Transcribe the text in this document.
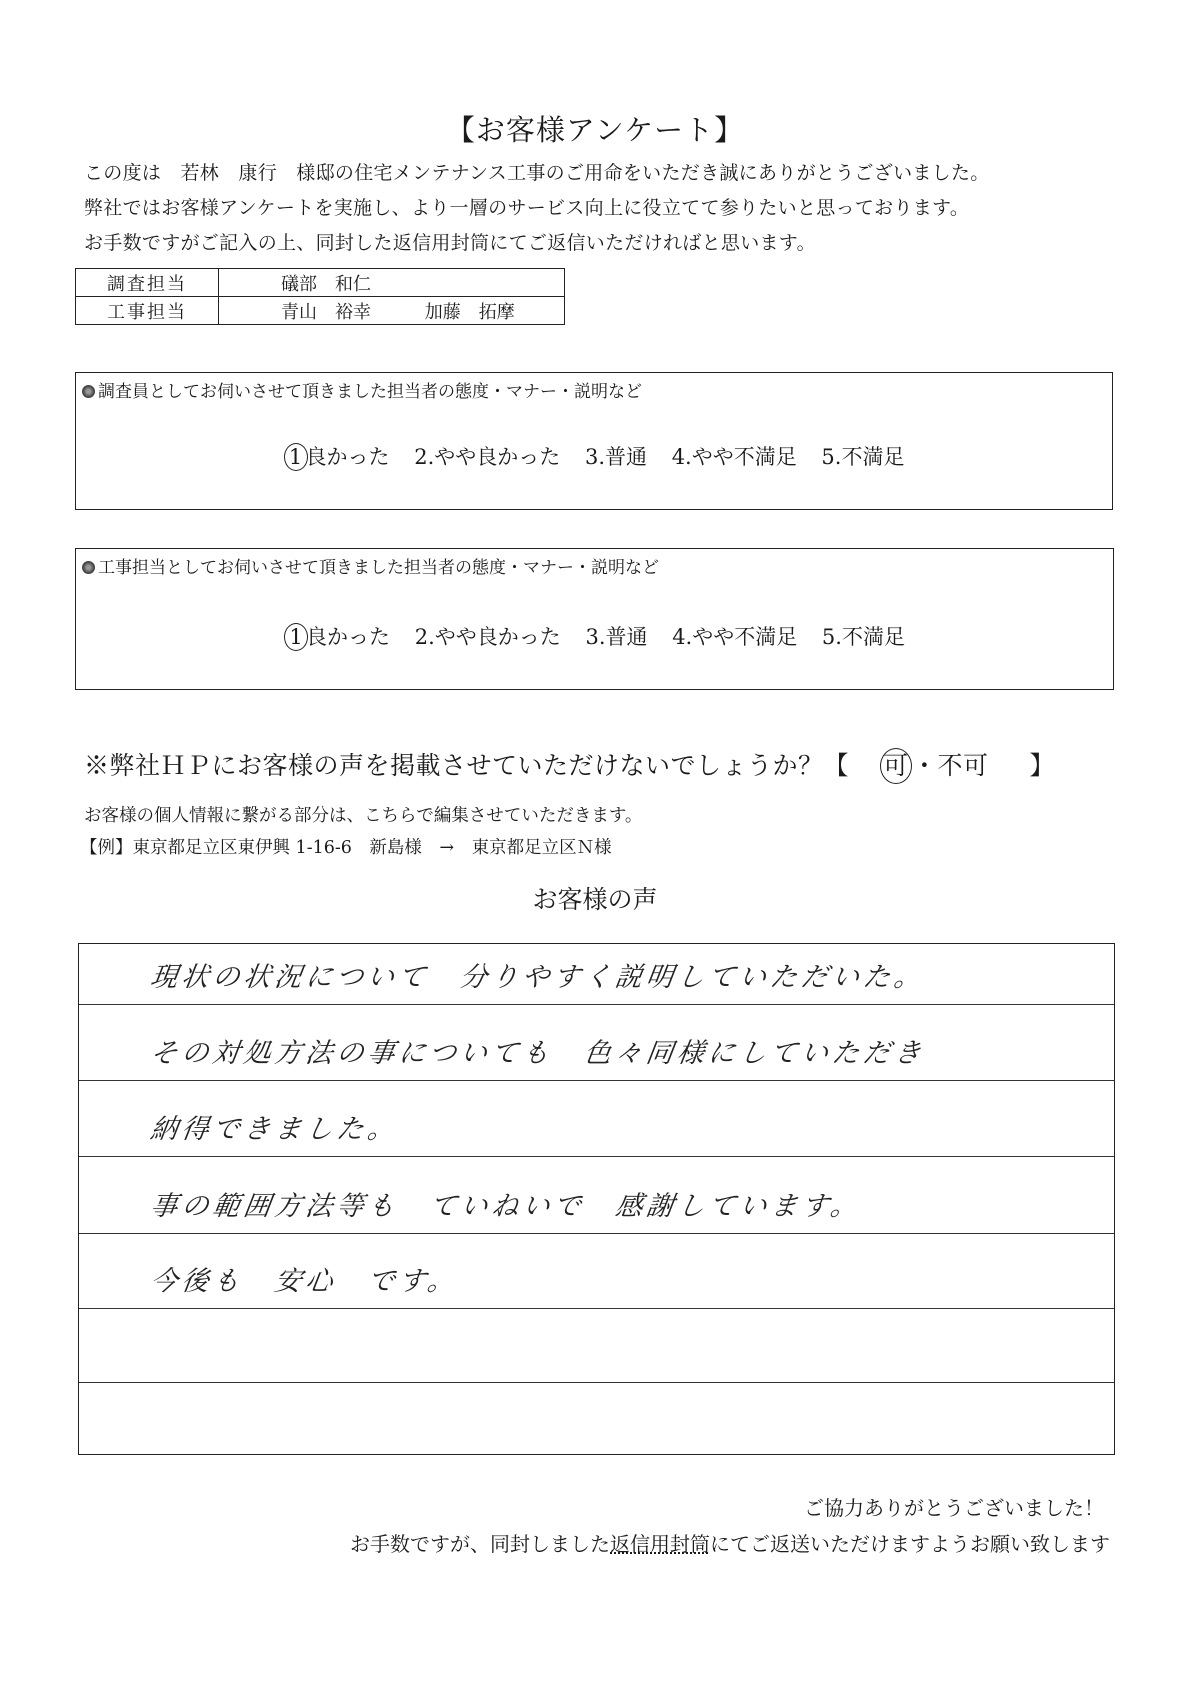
【お客様アンケート】
この度は　若林　康行　様邸の住宅メンテナンス工事のご用命をいただき誠にありがとうございました。
弊社ではお客様アンケートを実施し、より一層のサービス向上に役立てて参りたいと思っております。
お手数ですがご記入の上、同封した返信用封筒にてご返信いただければと思います。
調査担当	礒部　和仁
工事担当	青山　裕幸 加藤　拓摩
調査員としてお伺いさせて頂きました担当者の態度・マナー・説明など
1 良かった 2.やや良かった 3.普通 4.やや不満足 5.不満足
工事担当としてお伺いさせて頂きました担当者の態度・マナー・説明など
1 良かった 2.やや良かった 3.普通 4.やや不満足 5.不満足
※弊社ＨＰにお客様の声を掲載させていただけないでしょうか？【 可 ・不可 】
お客様の個人情報に繋がる部分は、こちらで編集させていただきます。
【例】東京都足立区東伊興 1-16-6　新島様　→　東京都足立区Ｎ様
お客様の声
現状の状況について　分りやすく説明していただいた。
その対処方法の事についても　色々同様にしていただき
納得できました。
事の範囲方法等も　ていねいで　感謝しています。
今後も　安心　です。
ご協力ありがとうございました！
お手数ですが、同封しました返信用封筒にてご返送いただけますようお願い致します
